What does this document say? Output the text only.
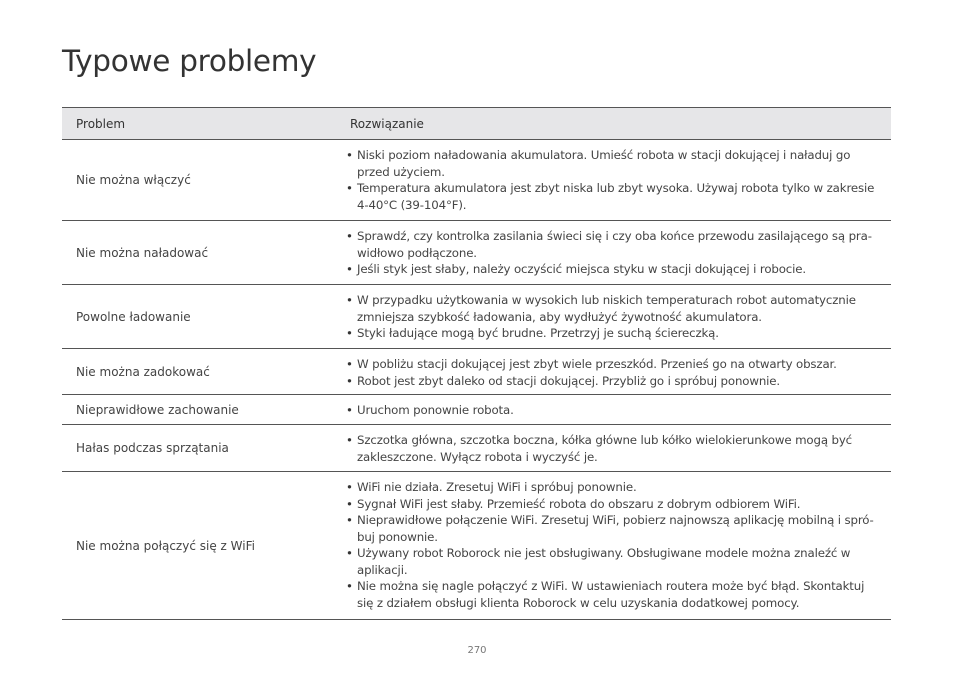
Typowe problemy
Problem	Rozwiązanie
Nie można włączyć
• Niski poziom naładowania akumulatora. Umieść robota w stacji dokującej i naładuj go przed użyciem.
• Temperatura akumulatora jest zbyt niska lub zbyt wysoka. Używaj robota tylko w zakresie 4-40°C (39-104°F).
Nie można naładować
• Sprawdź, czy kontrolka zasilania świeci się i czy oba końce przewodu zasilającego są pra-widłowo podłączone.
• Jeśli styk jest słaby, należy oczyścić miejsca styku w stacji dokującej i robocie.
Powolne ładowanie
• W przypadku użytkowania w wysokich lub niskich temperaturach robot automatycznie zmniejsza szybkość ładowania, aby wydłużyć żywotność akumulatora.
• Styki ładujące mogą być brudne. Przetrzyj je suchą ściereczką.
Nie można zadokować
• W pobliżu stacji dokującej jest zbyt wiele przeszkód. Przenieś go na otwarty obszar.
• Robot jest zbyt daleko od stacji dokującej. Przybliż go i spróbuj ponownie.
Nieprawidłowe zachowanie
•	Uruchom ponownie robota.
Hałas podczas sprzątania
• Szczotka główna, szczotka boczna, kółka główne lub kółko wielokierunkowe mogą być zakleszczone. Wyłącz robota i wyczyść je.
Nie można połączyć się z WiFi
• WiFi nie działa. Zresetuj WiFi i spróbuj ponownie.
• Sygnał WiFi jest słaby. Przemieść robota do obszaru z dobrym odbiorem WiFi.
• Nieprawidłowe połączenie WiFi. Zresetuj WiFi, pobierz najnowszą aplikację mobilną i spró-buj ponownie.
• Używany robot Roborock nie jest obsługiwany. Obsługiwane modele można znaleźć w aplikacji.
• Nie można się nagle połączyć z WiFi. W ustawieniach routera może być błąd. Skontaktuj się z działem obsługi klienta Roborock w celu uzyskania dodatkowej pomocy.
270
